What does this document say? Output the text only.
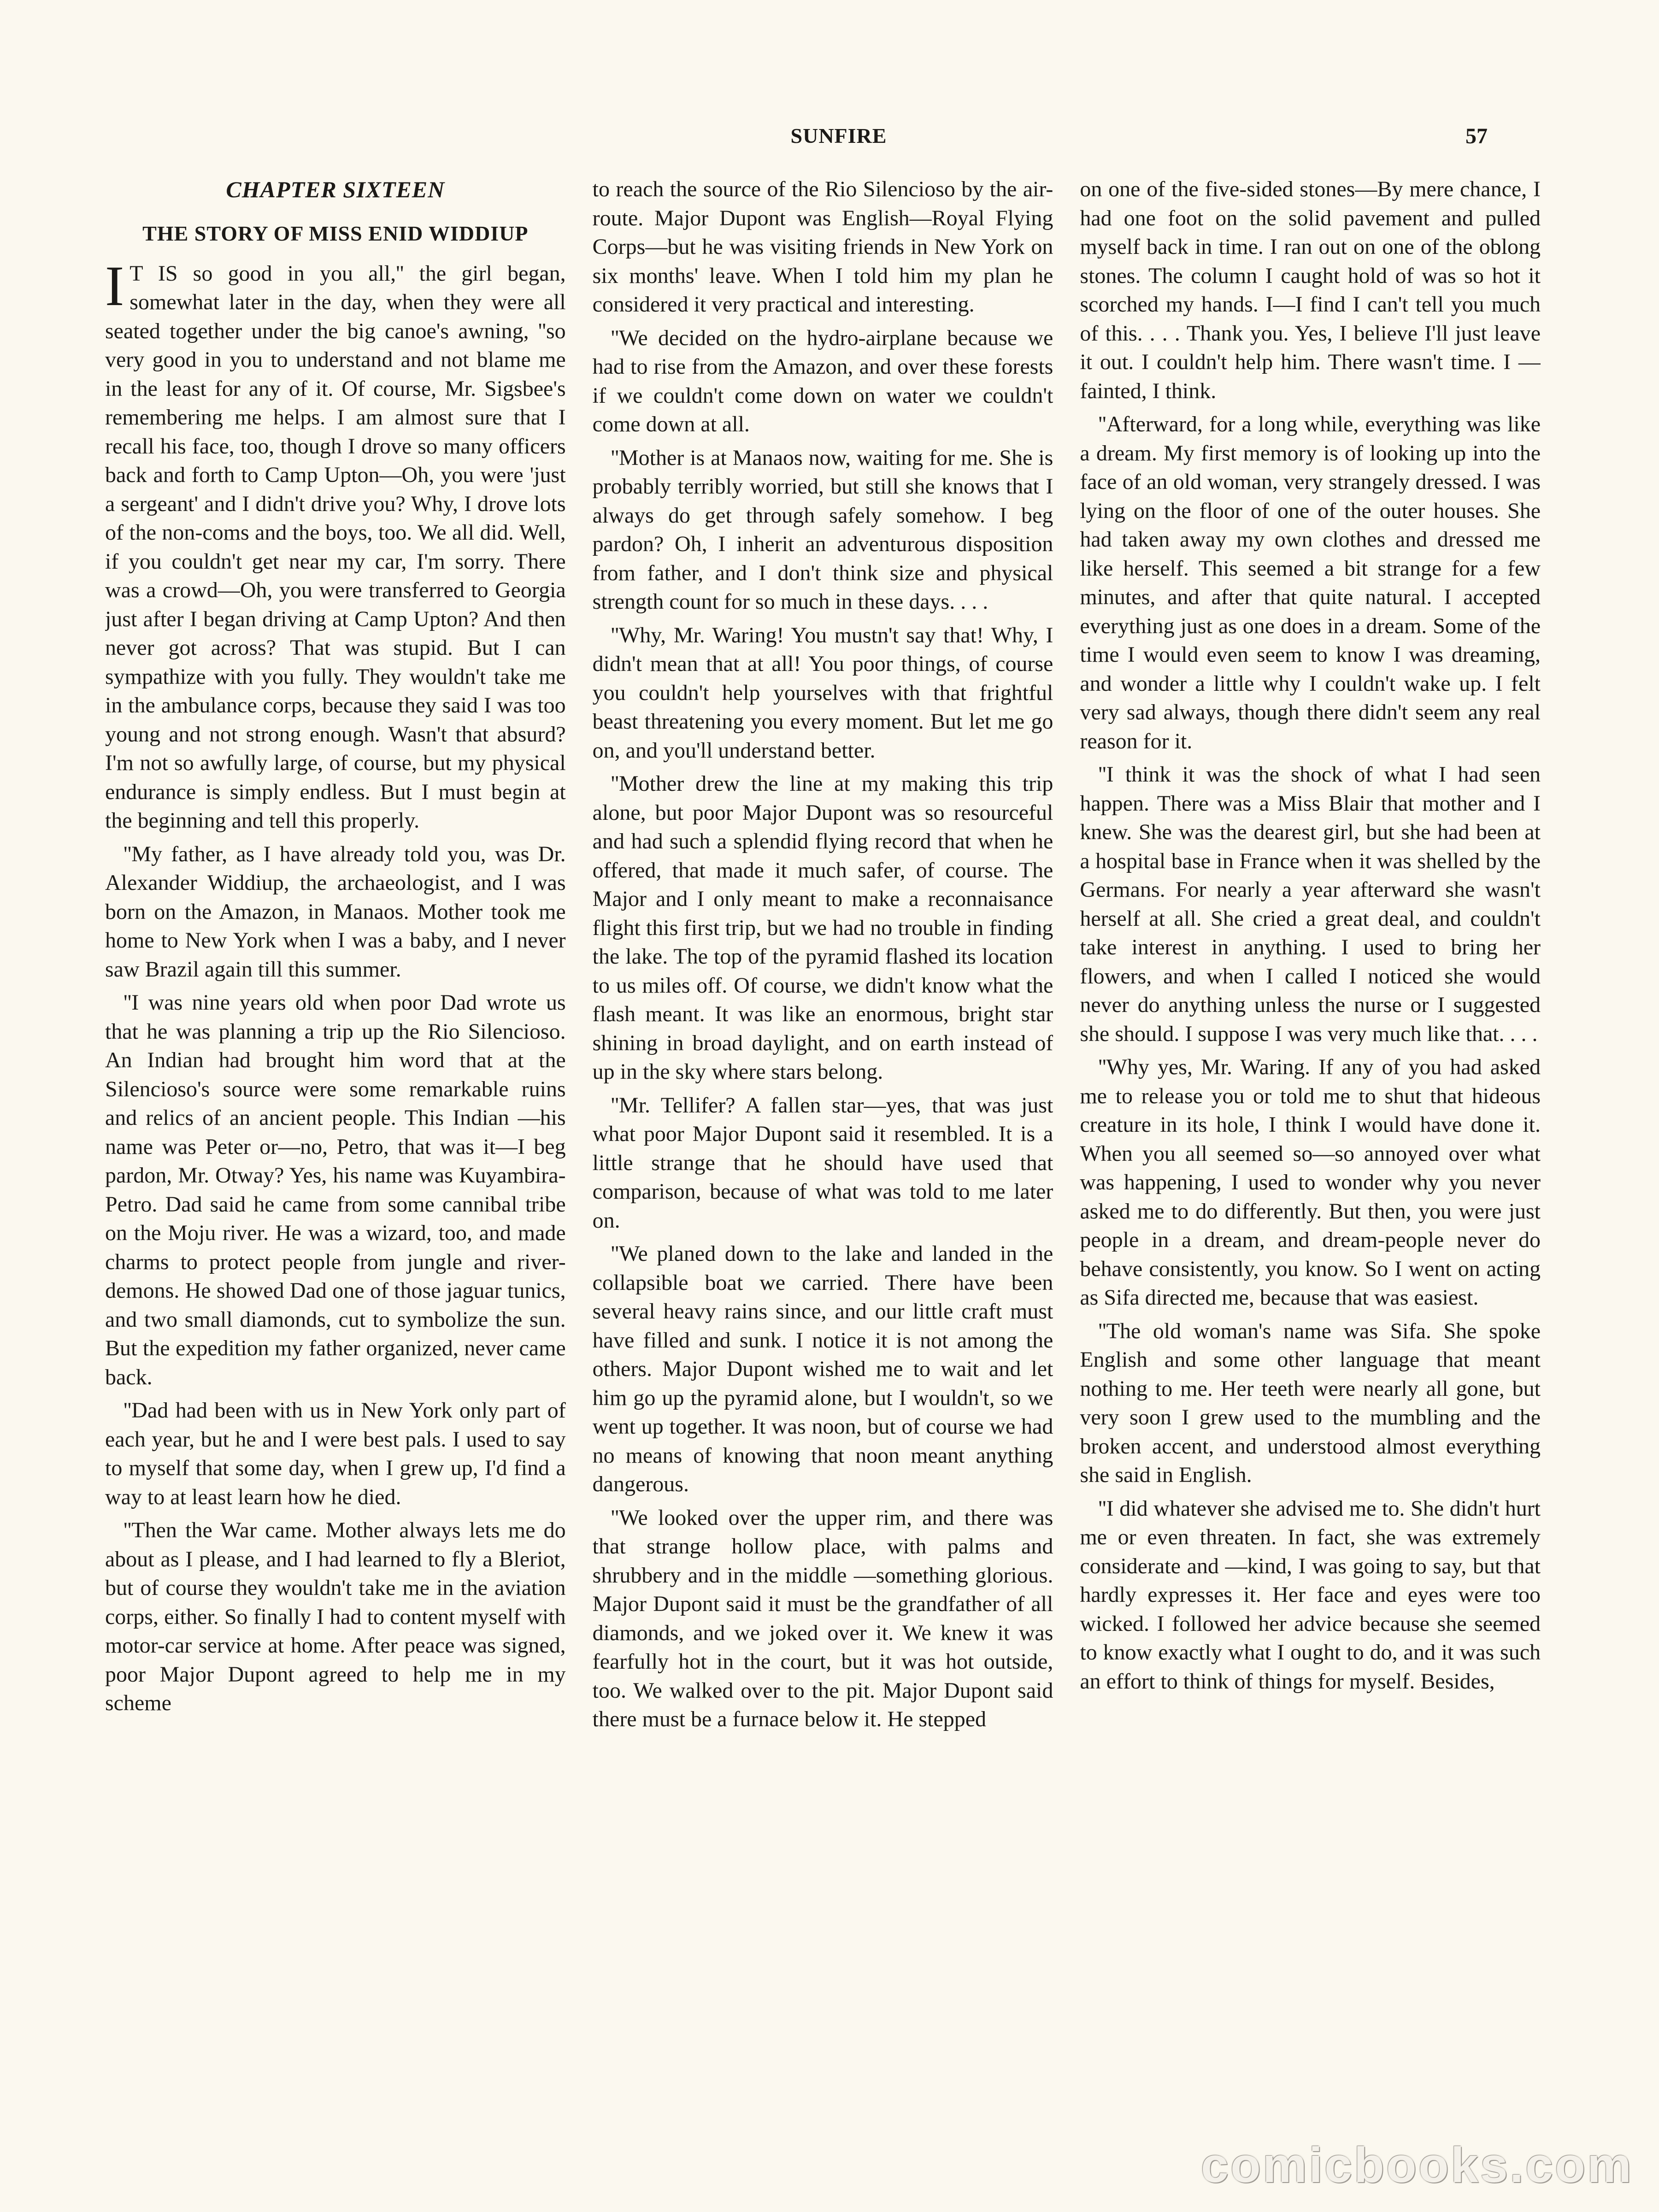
SUNFIRE	57
CHAPTER SIXTEEN
THE STORY OF MISS ENID WIDDIUP

I T IS so good in you all,'' the girl began, somewhat later in the day, when they were all seated together under the big canoe's awning, ''so very good in you to understand and not blame me in the least for any of it. Of course, Mr. Sigsbee's remembering me helps. I am almost sure that I recall his face, too, though I drove so many officers back and forth to Camp Upton—Oh, you were 'just a sergeant' and I didn't drive you? Why, I drove lots of the non-coms and the boys, too. We all did. Well, if you couldn't get near my car, I'm sorry. There was a crowd—Oh, you were transferred to Georgia just after I began driving at Camp Upton? And then never got across? That was stupid. But I can sympathize with you fully. They wouldn't take me in the ambulance corps, because they said I was too young and not strong enough. Wasn't that absurd? I'm not so awfully large, of course, but my physical endurance is simply endless. But I must begin at the beginning and tell this properly.

''My father, as I have already told you, was Dr. Alexander Widdiup, the archaeologist, and I was born on the Amazon, in Manaos. Mother took me home to New York when I was a baby, and I never saw Brazil again till this summer.

''I was nine years old when poor Dad wrote us that he was planning a trip up the Rio Silencioso. An Indian had brought him word that at the Silencioso's source were some remarkable ruins and relics of an ancient people. This Indian —his name was Peter or—no, Petro, that was it—I beg pardon, Mr. Otway? Yes, his name was Kuyambira-Petro. Dad said he came from some cannibal tribe on the Moju river. He was a wizard, too, and made charms to protect people from jungle and river-demons. He showed Dad one of those jaguar tunics, and two small diamonds, cut to symbolize the sun. But the expedition my father organized, never came back.

''Dad had been with us in New York only part of each year, but he and I were best pals. I used to say to myself that some day, when I grew up, I'd find a way to at least learn how he died.

''Then the War came. Mother always lets me do about as I please, and I had learned to fly a Bleriot, but of course they wouldn't take me in the aviation corps, either. So finally I had to content myself with motor-car service at home. After peace was signed, poor Major Dupont agreed to help me in my scheme

to reach the source of the Rio Silencioso by the air-route. Major Dupont was English—Royal Flying Corps—but he was visiting friends in New York on six months' leave. When I told him my plan he considered it very practical and interesting.

''We decided on the hydro-airplane because we had to rise from the Amazon, and over these forests if we couldn't come down on water we couldn't come down at all.

''Mother is at Manaos now, waiting for me. She is probably terribly worried, but still she knows that I always do get through safely somehow. I beg pardon? Oh, I inherit an adventurous disposition from father, and I don't think size and physical strength count for so much in these days. . . .

''Why, Mr. Waring! You mustn't say that! Why, I didn't mean that at all! You poor things, of course you couldn't help yourselves with that frightful beast threatening you every moment. But let me go on, and you'll understand better.

''Mother drew the line at my making this trip alone, but poor Major Dupont was so resourceful and had such a splendid flying record that when he offered, that made it much safer, of course. The Major and I only meant to make a reconnaisance flight this first trip, but we had no trouble in finding the lake. The top of the pyramid flashed its location to us miles off. Of course, we didn't know what the flash meant. It was like an enormous, bright star shining in broad daylight, and on earth instead of up in the sky where stars belong.

''Mr. Tellifer? A fallen star—yes, that was just what poor Major Dupont said it resembled. It is a little strange that he should have used that comparison, because of what was told to me later on.

''We planed down to the lake and landed in the collapsible boat we carried. There have been several heavy rains since, and our little craft must have filled and sunk. I notice it is not among the others. Major Dupont wished me to wait and let him go up the pyramid alone, but I wouldn't, so we went up together. It was noon, but of course we had no means of knowing that noon meant anything dangerous.

''We looked over the upper rim, and there was that strange hollow place, with palms and shrubbery and in the middle —something glorious. Major Dupont said it must be the grandfather of all diamonds, and we joked over it. We knew it was fearfully hot in the court, but it was hot outside, too. We walked over to the pit. Major Dupont said there must be a furnace below it. He stepped

on one of the five-sided stones—By mere chance, I had one foot on the solid pavement and pulled myself back in time. I ran out on one of the oblong stones. The column I caught hold of was so hot it scorched my hands. I—I find I can't tell you much of this. . . . Thank you. Yes, I believe I'll just leave it out. I couldn't help him. There wasn't time. I —fainted, I think.

''Afterward, for a long while, everything was like a dream. My first memory is of looking up into the face of an old woman, very strangely dressed. I was lying on the floor of one of the outer houses. She had taken away my own clothes and dressed me like herself. This seemed a bit strange for a few minutes, and after that quite natural. I accepted everything just as one does in a dream. Some of the time I would even seem to know I was dreaming, and wonder a little why I couldn't wake up. I felt very sad always, though there didn't seem any real reason for it.

''I think it was the shock of what I had seen happen. There was a Miss Blair that mother and I knew. She was the dearest girl, but she had been at a hospital base in France when it was shelled by the Germans. For nearly a year afterward she wasn't herself at all. She cried a great deal, and couldn't take interest in anything. I used to bring her flowers, and when I called I noticed she would never do anything unless the nurse or I suggested she should. I suppose I was very much like that. . . .

''Why yes, Mr. Waring. If any of you had asked me to release you or told me to shut that hideous creature in its hole, I think I would have done it. When you all seemed so—so annoyed over what was happening, I used to wonder why you never asked me to do differently. But then, you were just people in a dream, and dream-people never do behave consistently, you know. So I went on acting as Sifa directed me, because that was easiest.

''The old woman's name was Sifa. She spoke English and some other language that meant nothing to me. Her teeth were nearly all gone, but very soon I grew used to the mumbling and the broken accent, and understood almost everything she said in English.

''I did whatever she advised me to. She didn't hurt me or even threaten. In fact, she was extremely considerate and —kind, I was going to say, but that hardly expresses it. Her face and eyes were too wicked. I followed her advice because she seemed to know exactly what I ought to do, and it was such an effort to think of things for myself. Besides,

comicbooks.com
